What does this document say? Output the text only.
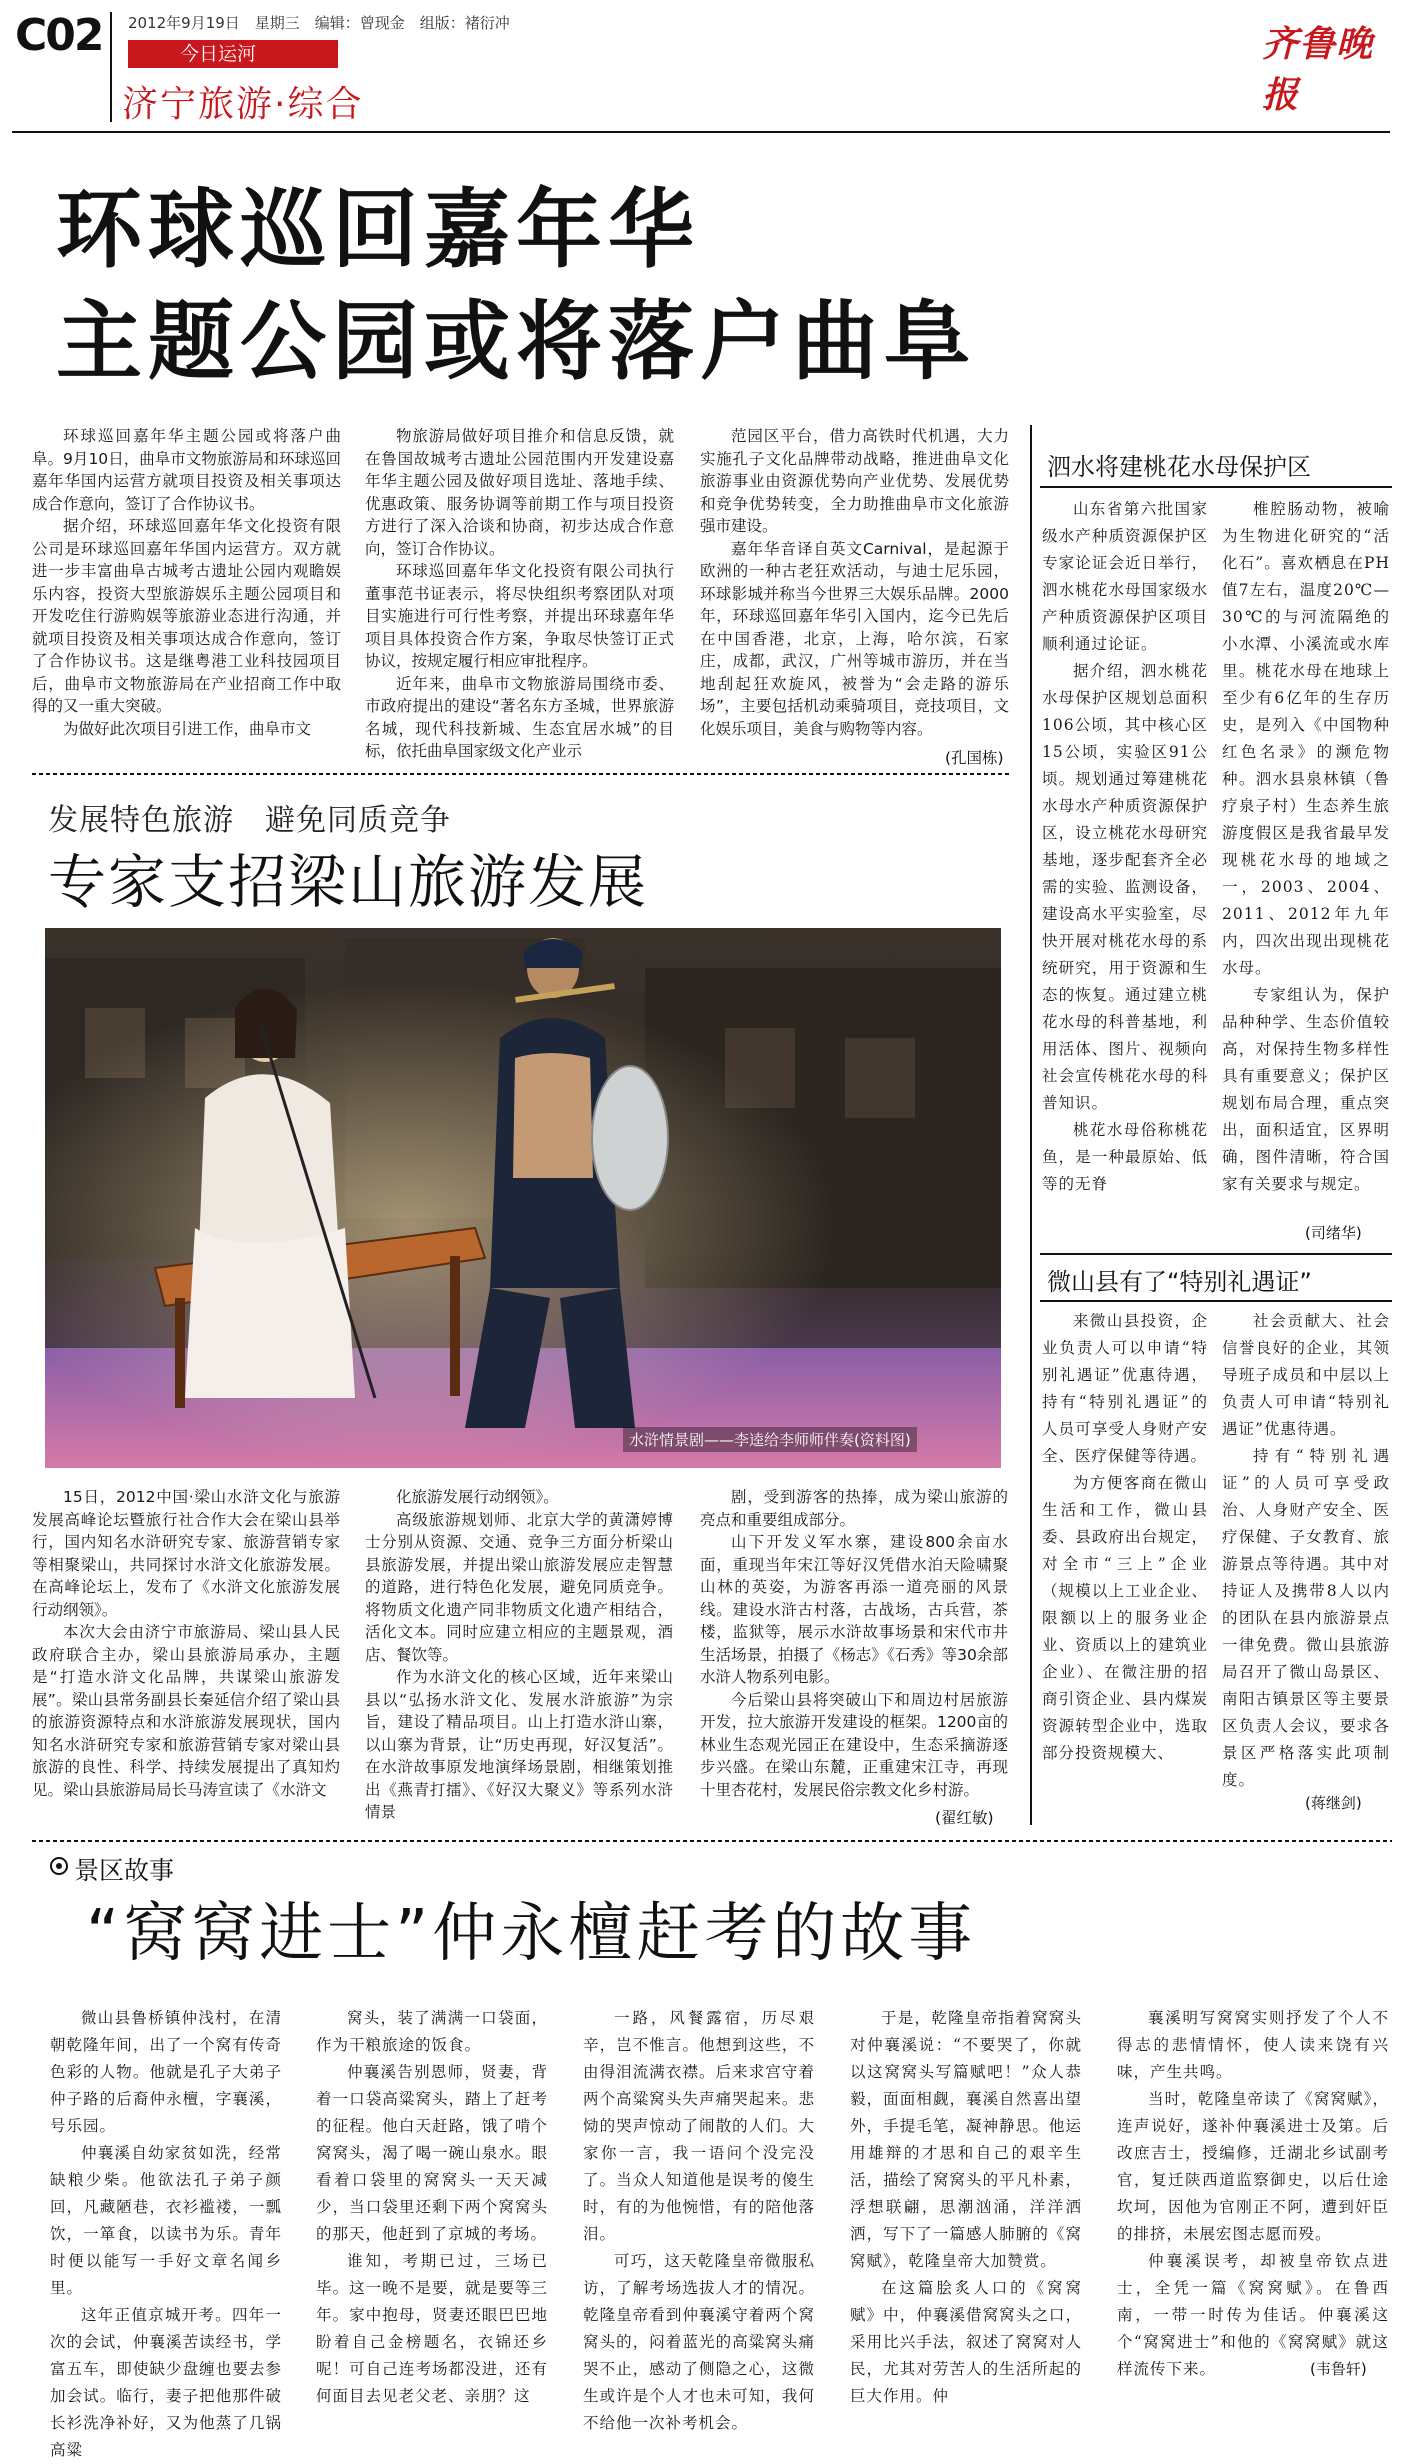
C02 2012年9月19日　星期三　编辑：曾现金　组版：褚衍冲
今日运河
济宁旅游·综合
齐鲁晚报
环球巡回嘉年华
主题公园或将落户曲阜

环球巡回嘉年华主题公园或将落户曲阜。9月10日，曲阜市文物旅游局和环球巡回嘉年华国内运营方就项目投资及相关事项达成合作意向，签订了合作协议书。

据介绍，环球巡回嘉年华文化投资有限公司是环球巡回嘉年华国内运营方。双方就进一步丰富曲阜古城考古遗址公园内观瞻娱乐内容，投资大型旅游娱乐主题公园项目和开发吃住行游购娱等旅游业态进行沟通，并就项目投资及相关事项达成合作意向，签订了合作协议书。这是继粤港工业科技园项目后，曲阜市文物旅游局在产业招商工作中取得的又一重大突破。

为做好此次项目引进工作，曲阜市文

物旅游局做好项目推介和信息反馈，就在鲁国故城考古遗址公园范围内开发建设嘉年华主题公园及做好项目选址、落地手续、优惠政策、服务协调等前期工作与项目投资方进行了深入洽谈和协商，初步达成合作意向，签订合作协议。

环球巡回嘉年华文化投资有限公司执行董事范书证表示，将尽快组织考察团队对项目实施进行可行性考察，并提出环球嘉年华项目具体投资合作方案，争取尽快签订正式协议，按规定履行相应审批程序。

近年来，曲阜市文物旅游局围绕市委、市政府提出的建设“著名东方圣城，世界旅游名城，现代科技新城、生态宜居水城”的目标，依托曲阜国家级文化产业示

范园区平台，借力高铁时代机遇，大力实施孔子文化品牌带动战略，推进曲阜文化旅游事业由资源优势向产业优势、发展优势和竞争优势转变，全力助推曲阜市文化旅游强市建设。

嘉年华音译自英文Carnival，是起源于欧洲的一种古老狂欢活动，与迪士尼乐园，环球影城并称当今世界三大娱乐品牌。2000年，环球巡回嘉年华引入国内，迄今已先后在中国香港，北京，上海，哈尔滨，石家庄，成都，武汉，广州等城市游历，并在当地刮起狂欢旋风，被誉为“会走路的游乐场”，主要包括机动乘骑项目，竞技项目，文化娱乐项目，美食与购物等内容。

(孔国栋)
泗水将建桃花水母保护区

山东省第六批国家级水产种质资源保护区专家论证会近日举行，泗水桃花水母国家级水产种质资源保护区项目顺利通过论证。

据介绍，泗水桃花水母保护区规划总面积106公顷，其中核心区15公顷，实验区91公顷。规划通过筹建桃花水母水产种质资源保护区，设立桃花水母研究基地，逐步配套齐全必需的实验、监测设备，建设高水平实验室，尽快开展对桃花水母的系统研究，用于资源和生态的恢复。通过建立桃花水母的科普基地，利用活体、图片、视频向社会宣传桃花水母的科普知识。

桃花水母俗称桃花鱼，是一种最原始、低等的无脊

椎腔肠动物，被喻为生物进化研究的“活化石”。喜欢栖息在PH值7左右，温度20℃—30℃的与河流隔绝的小水潭、小溪流或水库里。桃花水母在地球上至少有6亿年的生存历史，是列入《中国物种红色名录》的濒危物种。泗水县泉林镇（鲁疗泉子村）生态养生旅游度假区是我省最早发现桃花水母的地域之一，2003、2004、2011、2012年九年内，四次出现出现桃花水母。

专家组认为，保护品种种学、生态价值较高，对保持生物多样性具有重要意义；保护区规划布局合理，重点突出，面积适宜，区界明确，图件清晰，符合国家有关要求与规定。

(司绪华)
微山县有了“特别礼遇证”

来微山县投资，企业负责人可以申请“特别礼遇证”优惠待遇，持有“特别礼遇证”的人员可享受人身财产安全、医疗保健等待遇。

为方便客商在微山生活和工作，微山县委、县政府出台规定，对全市“三上”企业（规模以上工业企业、限额以上的服务业企业、资质以上的建筑业企业）、在微注册的招商引资企业、县内煤炭资源转型企业中，选取部分投资规模大、

社会贡献大、社会信誉良好的企业，其领导班子成员和中层以上负责人可申请“特别礼遇证”优惠待遇。

持有“特别礼遇证”的人员可享受政治、人身财产安全、医疗保健、子女教育、旅游景点等待遇。其中对持证人及携带8人以内的团队在县内旅游景点一律免费。微山县旅游局召开了微山岛景区、南阳古镇景区等主要景区负责人会议，要求各景区严格落实此项制度。

(蒋继剑)
发展特色旅游　避免同质竞争
专家支招梁山旅游发展
水浒情景剧——李逵给李师师伴奏(资料图)

15日，2012中国·梁山水浒文化与旅游发展高峰论坛暨旅行社合作大会在梁山县举行，国内知名水浒研究专家、旅游营销专家等相聚梁山，共同探讨水浒文化旅游发展。在高峰论坛上，发布了《水浒文化旅游发展行动纲领》。

本次大会由济宁市旅游局、梁山县人民政府联合主办，梁山县旅游局承办，主题是“打造水浒文化品牌，共谋梁山旅游发展”。梁山县常务副县长秦延信介绍了梁山县的旅游资源特点和水浒旅游发展现状，国内知名水浒研究专家和旅游营销专家对梁山县旅游的良性、科学、持续发展提出了真知灼见。梁山县旅游局局长马涛宣读了《水浒文

化旅游发展行动纲领》。

高级旅游规划师、北京大学的黄潇婷博士分别从资源、交通、竞争三方面分析梁山县旅游发展，并提出梁山旅游发展应走智慧的道路，进行特色化发展，避免同质竞争。将物质文化遗产同非物质文化遗产相结合，活化文本。同时应建立相应的主题景观，酒店、餐饮等。

作为水浒文化的核心区域，近年来梁山县以“弘扬水浒文化、发展水浒旅游”为宗旨，建设了精品项目。山上打造水浒山寨，以山寨为背景，让“历史再现，好汉复活”。在水浒故事原发地演绎场景剧，相继策划推出《燕青打擂》、《好汉大聚义》等系列水浒情景

剧，受到游客的热捧，成为梁山旅游的亮点和重要组成部分。

山下开发义军水寨，建设800余亩水面，重现当年宋江等好汉凭借水泊天险啸聚山林的英姿，为游客再添一道亮丽的风景线。建设水浒古村落，古战场，古兵营，茶楼，监狱等，展示水浒故事场景和宋代市井生活场景，拍摄了《杨志》《石秀》等30余部水浒人物系列电影。

今后梁山县将突破山下和周边村居旅游开发，拉大旅游开发建设的框架。1200亩的林业生态观光园正在建设中，生态采摘游逐步兴盛。在梁山东麓，正重建宋江寺，再现十里杏花村，发展民俗宗教文化乡村游。

(翟红敏)
景区故事
“窝窝进士”仲永檀赶考的故事

微山县鲁桥镇仲浅村，在清朝乾隆年间，出了一个窝有传奇色彩的人物。他就是孔子大弟子仲子路的后裔仲永檀，字襄溪，号乐园。

仲襄溪自幼家贫如洗，经常缺粮少柴。他欲法孔子弟子颜回，凡藏陋巷，衣衫褴褛，一瓢饮，一箪食，以读书为乐。青年时便以能写一手好文章名闻乡里。

这年正值京城开考。四年一次的会试，仲襄溪苦读经书，学富五车，即使缺少盘缠也要去参加会试。临行，妻子把他那件破长衫洗净补好，又为他蒸了几锅高粱

窝头，装了满满一口袋面，作为干粮旅途的饭食。

仲襄溪告别恩师，贤妻，背着一口袋高粱窝头，踏上了赶考的征程。他白天赶路，饿了啃个窝窝头，渴了喝一碗山泉水。眼看着口袋里的窝窝头一天天减少，当口袋里还剩下两个窝窝头的那天，他赶到了京城的考场。

谁知，考期已过，三场已毕。这一晚不是要，就是要等三年。家中抱母，贤妻还眼巴巴地盼着自己金榜题名，衣锦还乡呢！可自己连考场都没进，还有何面目去见老父老、亲朋？这

一路，风餐露宿，历尽艰辛，岂不惟言。他想到这些，不由得泪流满衣襟。后来求宫守着两个高粱窝头失声痛哭起来。悲恸的哭声惊动了闹散的人们。大家你一言，我一语问个没完没了。当众人知道他是误考的傻生时，有的为他惋惜，有的陪他落泪。

可巧，这天乾隆皇帝微服私访，了解考场选拔人才的情况。乾隆皇帝看到仲襄溪守着两个窝窝头的，闷着蓝光的高粱窝头痛哭不止，感动了侧隐之心，这微生或许是个人才也未可知，我何不给他一次补考机会。

于是，乾隆皇帝指着窝窝头对仲襄溪说：“不要哭了，你就以这窝窝头写篇赋吧！”众人恭毅，面面相觑，襄溪自然喜出望外，手提毛笔，凝神静思。他运用雄辩的才思和自己的艰辛生活，描绘了窝窝头的平凡朴素，浮想联翩，思潮汹涌，洋洋洒洒，写下了一篇感人肺腑的《窝窝赋》，乾隆皇帝大加赞赏。

在这篇脍炙人口的《窝窝赋》中，仲襄溪借窝窝头之口，采用比兴手法，叙述了窝窝对人民，尤其对劳苦人的生活所起的巨大作用。仲

襄溪明写窝窝实则抒发了个人不得志的悲情情怀，使人读来饶有兴味，产生共鸣。

当时，乾隆皇帝读了《窝窝赋》，连声说好，遂补仲襄溪进士及第。后改庶吉士，授编修，迁湖北乡试副考官，复迁陕西道监察御史，以后仕途坎坷，因他为官刚正不阿，遭到奸臣的排挤，未展宏图志愿而殁。

仲襄溪误考，却被皇帝钦点进士，全凭一篇《窝窝赋》。在鲁西南，一带一时传为佳话。仲襄溪这个“窝窝进士”和他的《窝窝赋》就这样流传下来。	(韦鲁轩)
